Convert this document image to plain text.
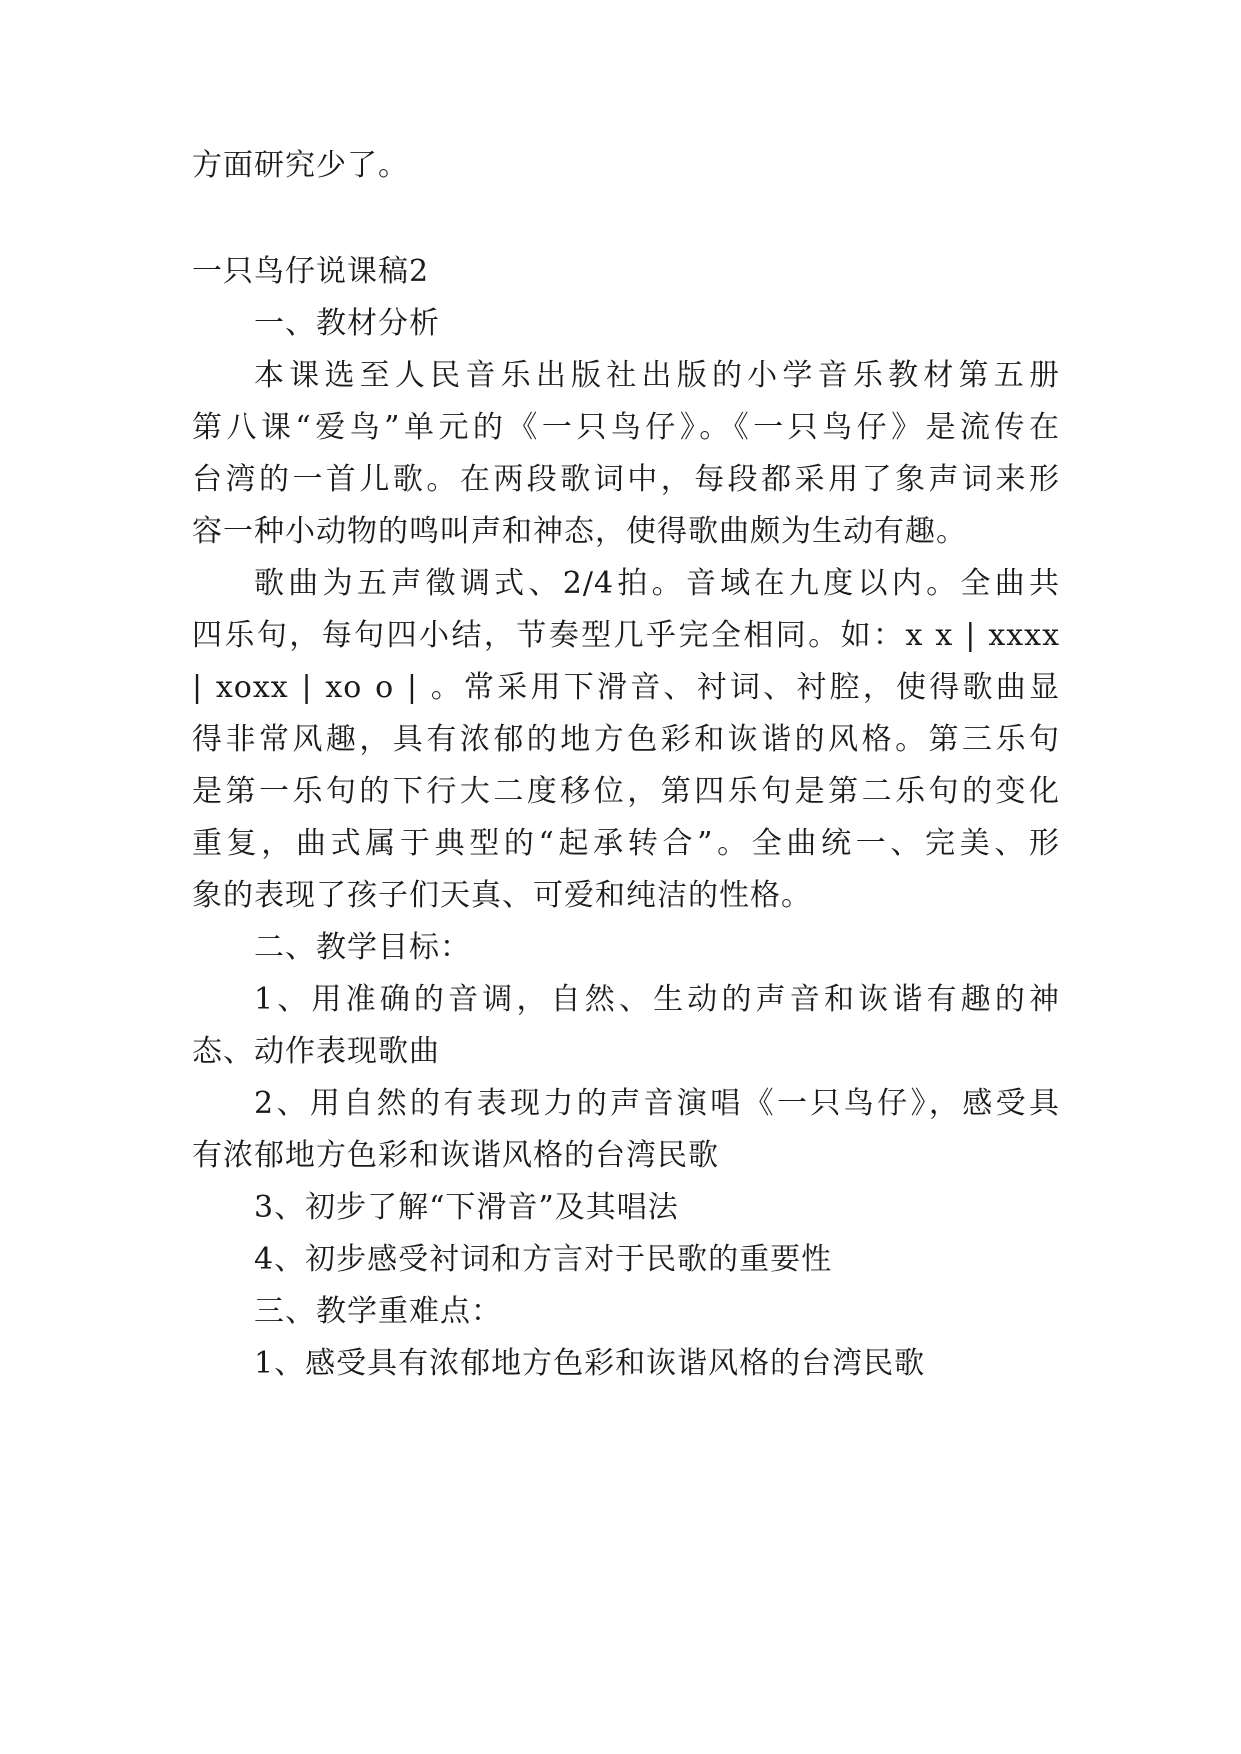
方面研究少了。
一只鸟仔说课稿2
一、教材分析
本课选至人民音乐出版社出版的小学音乐教材第五册
第八课“爱鸟”单元的《一只鸟仔》。《一只鸟仔》是流传在
台湾的一首儿歌。在两段歌词中，每段都采用了象声词来形
容一种小动物的鸣叫声和神态，使得歌曲颇为生动有趣。
歌曲为五声徵调式、2/4拍。音域在九度以内。全曲共
四乐句，每句四小结，节奏型几乎完全相同。如：x x | xxxx
| xoxx | xo o | 。常采用下滑音、衬词、衬腔，使得歌曲显
得非常风趣，具有浓郁的地方色彩和诙谐的风格。第三乐句
是第一乐句的下行大二度移位，第四乐句是第二乐句的变化
重复，曲式属于典型的“起承转合”。全曲统一、完美、形
象的表现了孩子们天真、可爱和纯洁的性格。
二、教学目标：
1、用准确的音调，自然、生动的声音和诙谐有趣的神
态、动作表现歌曲
2、用自然的有表现力的声音演唱《一只鸟仔》，感受具
有浓郁地方色彩和诙谐风格的台湾民歌
3、初步了解“下滑音”及其唱法
4、初步感受衬词和方言对于民歌的重要性
三、教学重难点：
1、感受具有浓郁地方色彩和诙谐风格的台湾民歌
